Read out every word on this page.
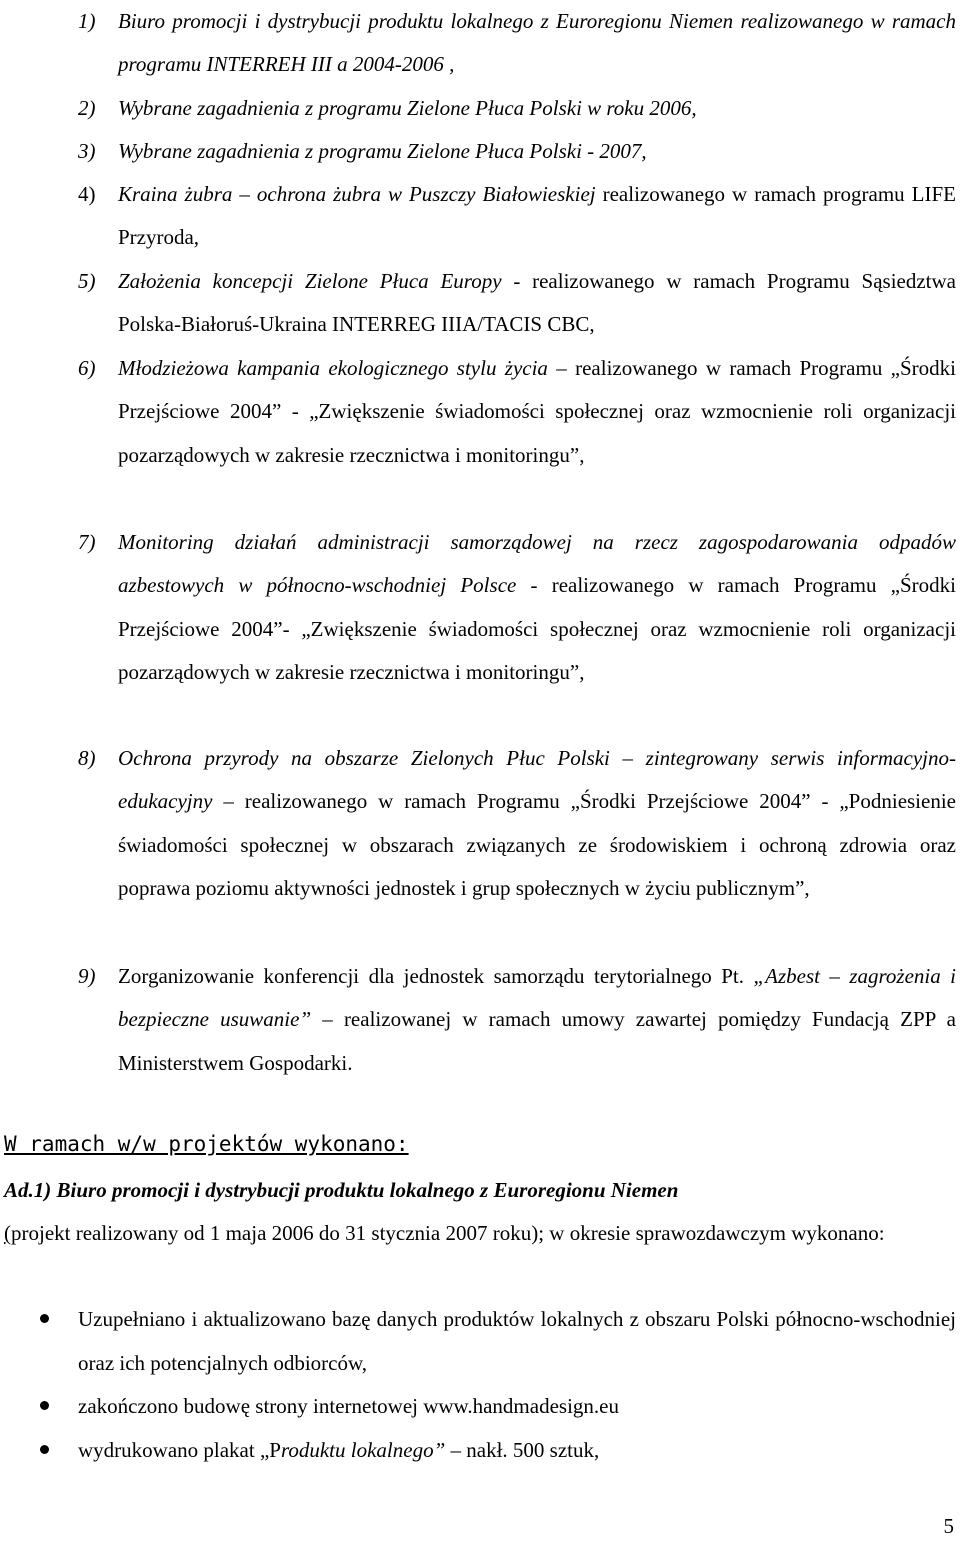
1) Biuro promocji i dystrybucji produktu lokalnego z Euroregionu Niemen realizowanego w ramach programu INTERREH III a 2004-2006 ,
2) Wybrane zagadnienia z programu Zielone Płuca Polski w roku 2006,
3) Wybrane zagadnienia z programu Zielone Płuca Polski - 2007,
4) Kraina żubra – ochrona żubra w Puszczy Białowieskiej realizowanego w ramach programu LIFE Przyroda,
5) Założenia koncepcji Zielone Płuca Europy - realizowanego w ramach Programu Sąsiedztwa Polska-Białoruś-Ukraina INTERREG IIIA/TACIS CBC,
6) Młodzieżowa kampania ekologicznego stylu życia – realizowanego w ramach Programu „Środki Przejściowe 2004” - „Zwiększenie świadomości społecznej oraz wzmocnienie roli organizacji pozarządowych w zakresie rzecznictwa i monitoringu”,
7) Monitoring działań administracji samorządowej na rzecz zagospodarowania odpadów azbestowych w północno-wschodniej Polsce - realizowanego w ramach Programu „Środki Przejściowe 2004”- „Zwiększenie świadomości społecznej oraz wzmocnienie roli organizacji pozarządowych w zakresie rzecznictwa i monitoringu”,
8) Ochrona przyrody na obszarze Zielonych Płuc Polski – zintegrowany serwis informacyjno-edukacyjny – realizowanego w ramach Programu „Środki Przejściowe 2004” - „Podniesienie świadomości społecznej w obszarach związanych ze środowiskiem i ochroną zdrowia oraz poprawa poziomu aktywności jednostek i grup społecznych w życiu publicznym”,
9) Zorganizowanie konferencji dla jednostek samorządu terytorialnego Pt. „Azbest – zagrożenia i bezpieczne usuwanie” – realizowanej w ramach umowy zawartej pomiędzy Fundacją ZPP a Ministerstwem Gospodarki.
W ramach w/w projektów wykonano:

Ad.1) Biuro promocji i dystrybucji produktu lokalnego z Euroregionu Niemen

(projekt realizowany od 1 maja 2006 do 31 stycznia 2007 roku); w okresie sprawozdawczym wykonano:

Uzupełniano i aktualizowano bazę danych produktów lokalnych z obszaru Polski północno-wschodniej oraz ich potencjalnych odbiorców,
zakończono budowę strony internetowej www.handmadesign.eu
wydrukowano plakat „Produktu lokalnego” – nakł. 500 sztuk,
5
